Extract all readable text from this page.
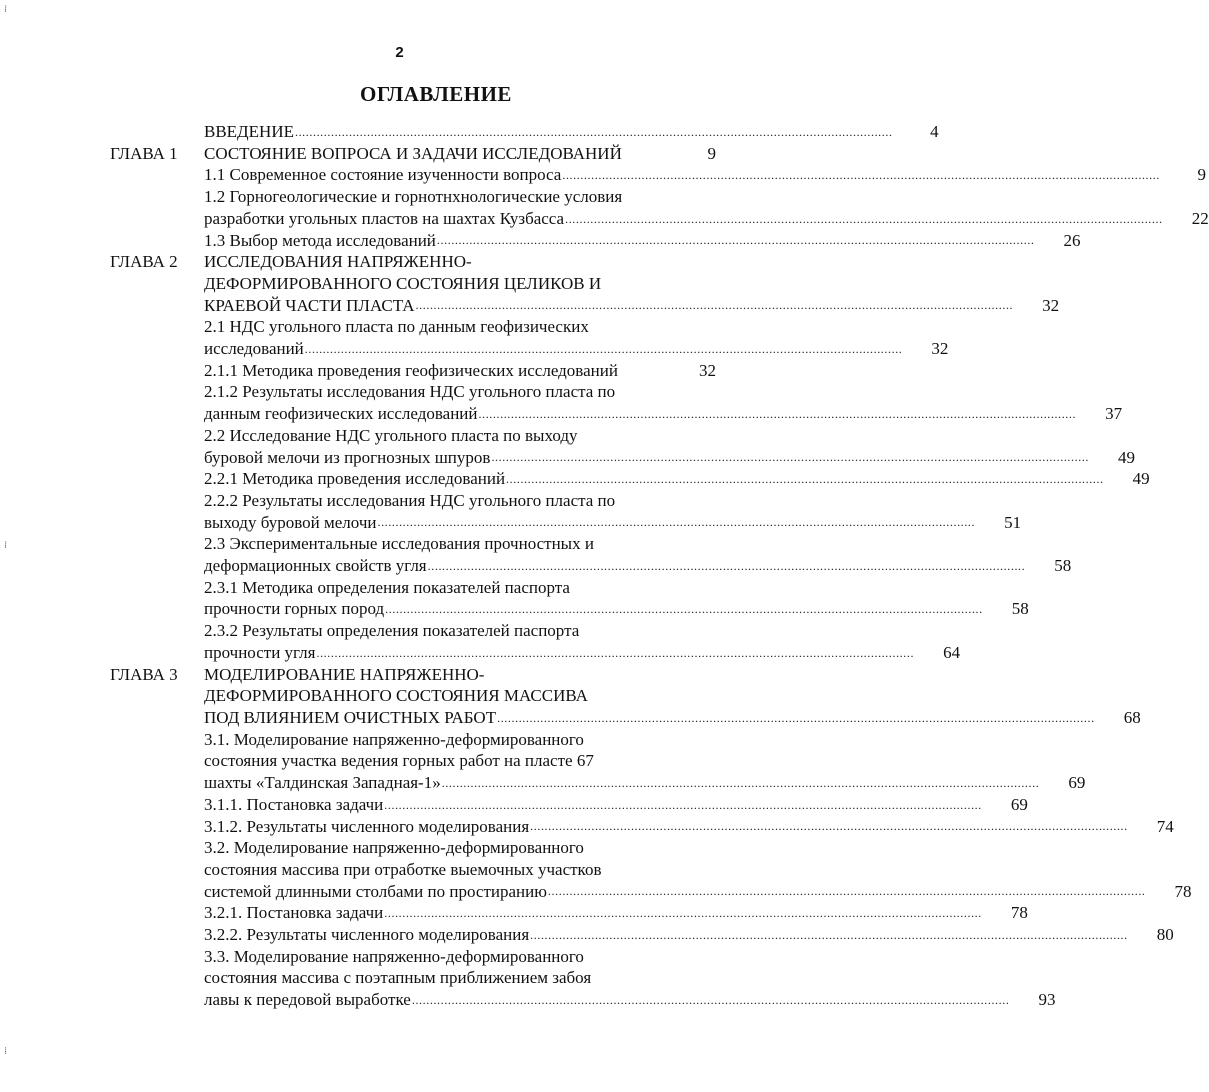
2
ОГЛАВЛЕНИЕ
ВВЕДЕНИЕ .....	4
ГЛАВА 1	СОСТОЯНИЕ ВОПРОСА И ЗАДАЧИ ИССЛЕДОВАНИЙ	9
1.1 Современное состояние изученности вопроса .....	9
1.2 Горногеологические и горнотнхнологические условия
разработки угольных пластов на шахтах Кузбасса .....	22
1.3 Выбор метода исследований .....	26
ГЛАВА 2	ИССЛЕДОВАНИЯ НАПРЯЖЕННО-
ДЕФОРМИРОВАННОГО СОСТОЯНИЯ ЦЕЛИКОВ И
КРАЕВОЙ ЧАСТИ ПЛАСТА .....	32
2.1 НДС угольного пласта по данным геофизических
исследований .....	32
2.1.1 Методика проведения геофизических исследований	32
2.1.2 Результаты исследования НДС угольного пласта по
данным геофизических исследований .....	37
2.2 Исследование НДС угольного пласта по выходу
буровой мелочи из прогнозных шпуров .....	49
2.2.1 Методика проведения исследований .....	49
2.2.2 Результаты исследования НДС угольного пласта по
выходу буровой мелочи .....	51
2.3 Экспериментальные исследования прочностных и
деформационных свойств угля .....	58
2.3.1 Методика определения показателей паспорта
прочности горных пород .....	58
2.3.2 Результаты определения показателей паспорта
прочности угля .....	64
ГЛАВА 3	МОДЕЛИРОВАНИЕ НАПРЯЖЕННО-
ДЕФОРМИРОВАННОГО СОСТОЯНИЯ МАССИВА
ПОД ВЛИЯНИЕМ ОЧИСТНЫХ РАБОТ .....	68
3.1. Моделирование напряженно-деформированного
состояния участка ведения горных работ на пласте 67
шахты «Талдинская Западная-1» .....	69
3.1.1. Постановка задачи .....	69
3.1.2. Результаты численного моделирования .....	74
3.2. Моделирование напряженно-деформированного
состояния массива при отработке выемочных участков
системой длинными столбами по простиранию .....	78
3.2.1. Постановка задачи .....	78
3.2.2. Результаты численного моделирования .....	80
3.3. Моделирование напряженно-деформированного
состояния массива с поэтапным приближением забоя
лавы к передовой выработке .....	93
⁞
⁞
⁞
